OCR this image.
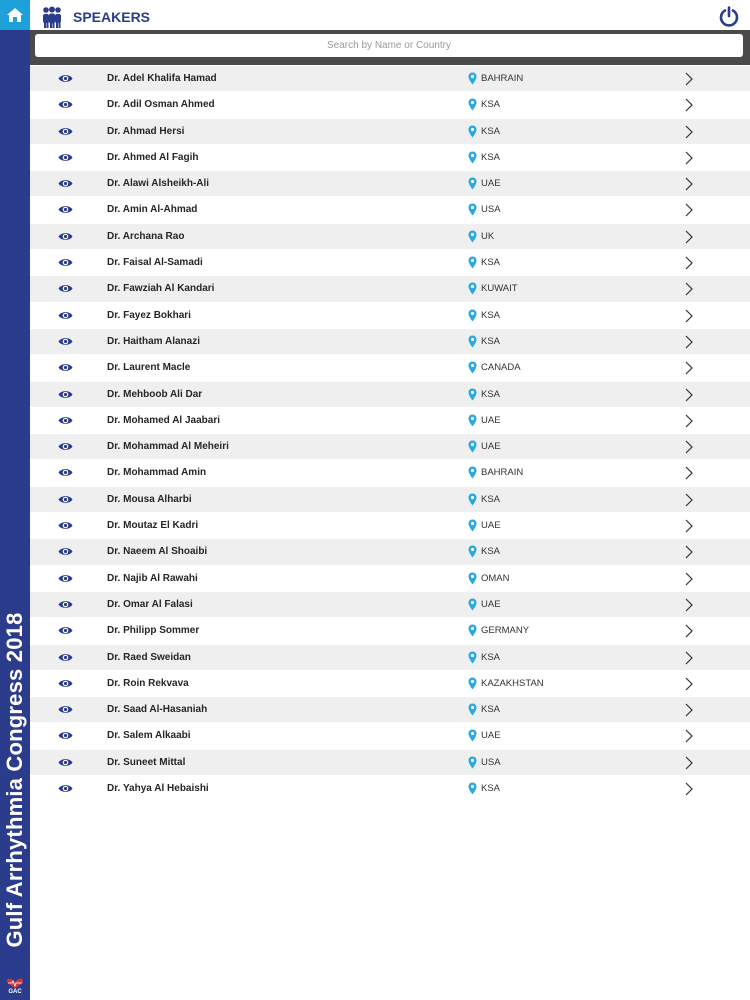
Gulf Arrhythmia Congress 2018
GAC
SPEAKERS
Search by Name or Country
Dr. Adel Khalifa Hamad	BAHRAIN
Dr. Adil Osman Ahmed	KSA
Dr. Ahmad Hersi	KSA
Dr. Ahmed Al Fagih	KSA
Dr. Alawi Alsheikh-Ali	UAE
Dr. Amin Al-Ahmad	USA
Dr. Archana Rao	UK
Dr. Faisal Al-Samadi	KSA
Dr. Fawziah Al Kandari	KUWAIT
Dr. Fayez Bokhari	KSA
Dr. Haitham Alanazi	KSA
Dr. Laurent Macle	CANADA
Dr. Mehboob Ali Dar	KSA
Dr. Mohamed Al Jaabari	UAE
Dr. Mohammad Al Meheiri	UAE
Dr. Mohammad Amin	BAHRAIN
Dr. Mousa Alharbi	KSA
Dr. Moutaz El Kadri	UAE
Dr. Naeem Al Shoaibi	KSA
Dr. Najib Al Rawahi	OMAN
Dr. Omar Al Falasi	UAE
Dr. Philipp Sommer	GERMANY
Dr. Raed Sweidan	KSA
Dr. Roin Rekvava	KAZAKHSTAN
Dr. Saad Al-Hasaniah	KSA
Dr. Salem Alkaabi	UAE
Dr. Suneet Mittal	USA
Dr. Yahya Al Hebaishi	KSA
